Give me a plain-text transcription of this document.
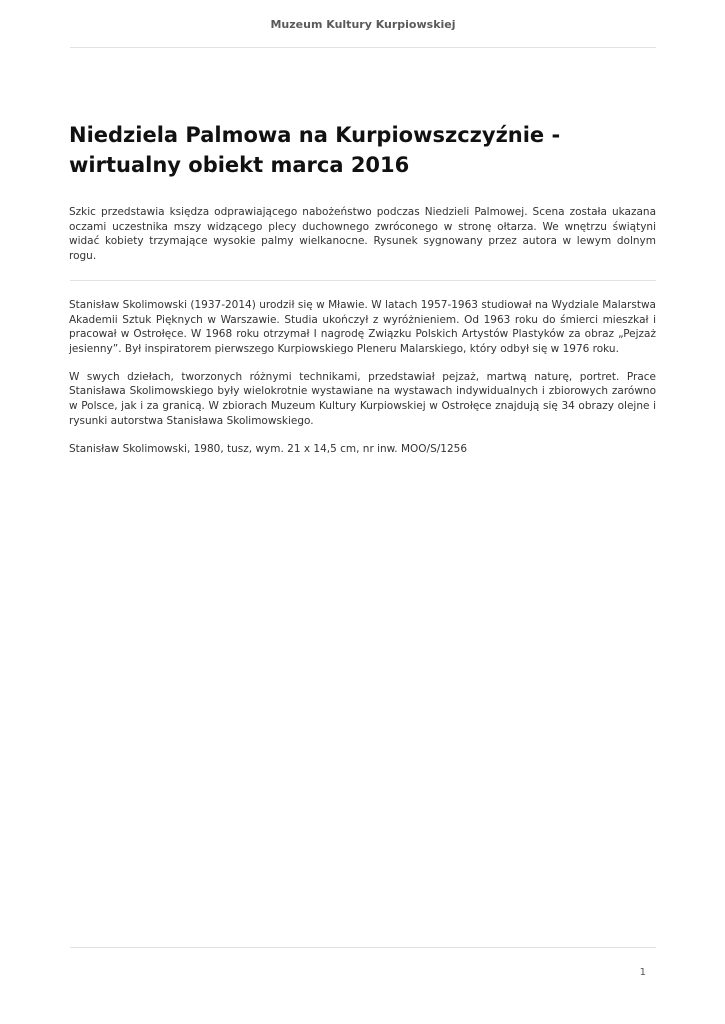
Muzeum Kultury Kurpiowskiej
Niedziela Palmowa na Kurpiowszczyźnie - wirtualny obiekt marca 2016

Szkic przedstawia księdza odprawiającego nabożeństwo podczas Niedzieli Palmowej. Scena została ukazana oczami uczestnika mszy widzącego plecy duchownego zwróconego w stronę ołtarza. We wnętrzu świątyni widać kobiety trzymające wysokie palmy wielkanocne. Rysunek sygnowany przez autora w lewym dolnym rogu.

Stanisław Skolimowski (1937-2014) urodził się w Mławie. W latach 1957-1963 studiował na Wydziale Malarstwa Akademii Sztuk Pięknych w Warszawie. Studia ukończył z wyróżnieniem. Od 1963 roku do śmierci mieszkał i pracował w Ostrołęce. W 1968 roku otrzymał I nagrodę Związku Polskich Artystów Plastyków za obraz „Pejzaż jesienny”. Był inspiratorem pierwszego Kurpiowskiego Pleneru Malarskiego, który odbył się w 1976 roku.

W swych dziełach, tworzonych różnymi technikami, przedstawiał pejzaż, martwą naturę, portret. Prace Stanisława Skolimowskiego były wielokrotnie wystawiane na wystawach indywidualnych i zbiorowych zarówno w Polsce, jak i za granicą. W zbiorach Muzeum Kultury Kurpiowskiej w Ostrołęce znajdują się 34 obrazy olejne i rysunki autorstwa Stanisława Skolimowskiego.

Stanisław Skolimowski, 1980, tusz, wym. 21 x 14,5 cm, nr inw. MOO/S/1256

1
